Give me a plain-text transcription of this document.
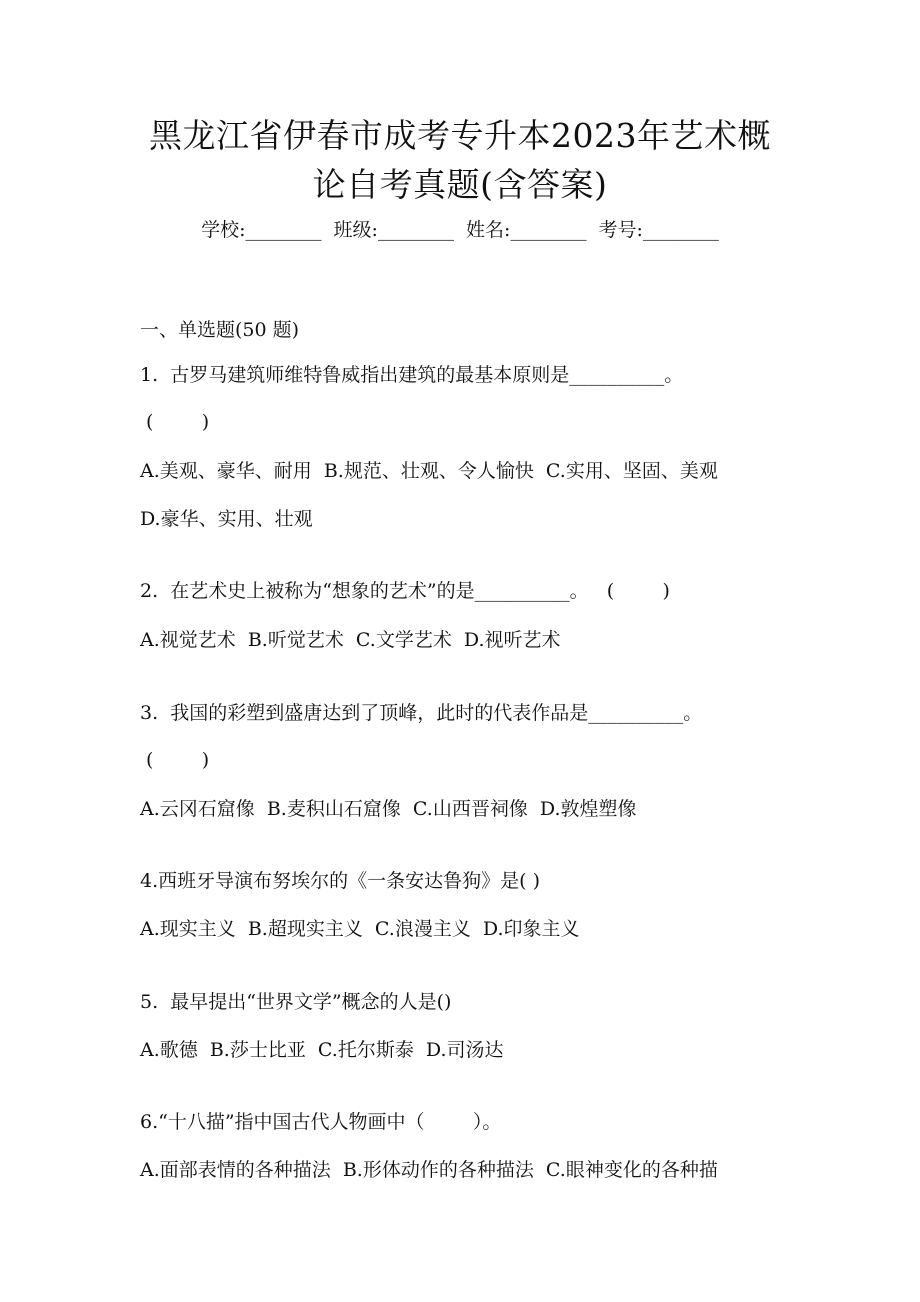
黑龙江省伊春市成考专升本2023年艺术概
论自考真题(含答案)
学校:________  班级:________  姓名:________  考号:________
一、单选题(50 题)
1.  古罗马建筑师维特鲁威指出建筑的最基本原则是__________。
(        )
A.美观、豪华、耐用  B.规范、壮观、令人愉快  C.实用、坚固、美观
D.豪华、实用、壮观
2.  在艺术史上被称为“想象的艺术”的是__________。   (        )
A.视觉艺术  B.听觉艺术  C.文学艺术  D.视听艺术
3.  我国的彩塑到盛唐达到了顶峰，此时的代表作品是__________。
(        )
A.云冈石窟像  B.麦积山石窟像  C.山西晋祠像  D.敦煌塑像
4.西班牙导演布努埃尔的《一条安达鲁狗》是( )
A.现实主义  B.超现实主义  C.浪漫主义  D.印象主义
5.  最早提出“世界文学”概念的人是()
A.歌德  B.莎士比亚  C.托尔斯泰  D.司汤达
6.“十八描”指中国古代人物画中（        ）。
A.面部表情的各种描法  B.形体动作的各种描法  C.眼神变化的各种描
